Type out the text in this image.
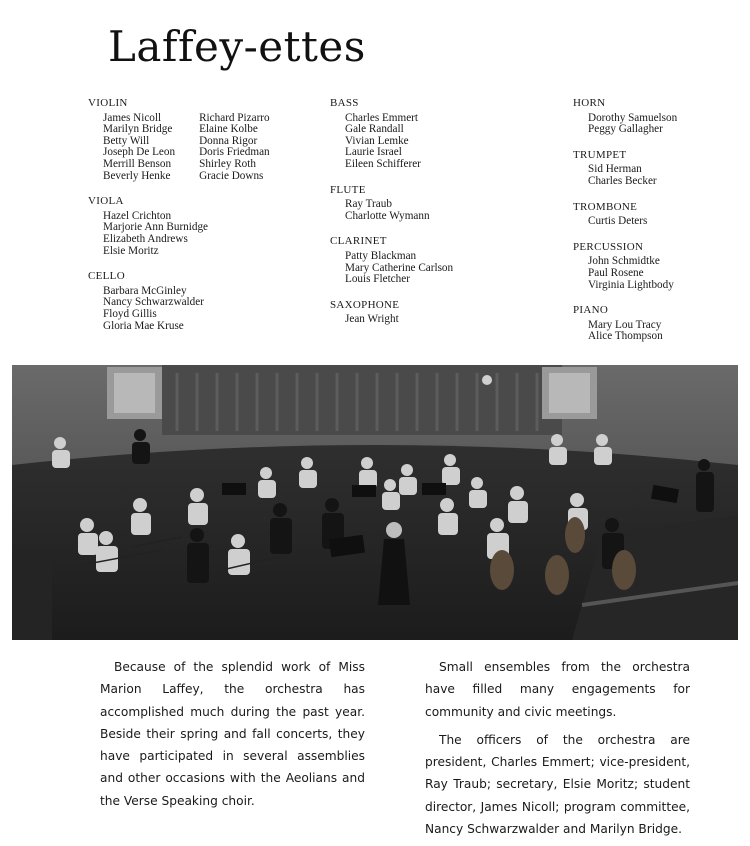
Laffey-ettes
VIOLIN
James Nicoll
Marilyn Bridge
Betty Will
Joseph De Leon
Merrill Benson
Beverly Henke
Richard Pizarro
Elaine Kolbe
Donna Rigor
Doris Friedman
Shirley Roth
Gracie Downs
VIOLA
Hazel Crichton
Marjorie Ann Burnidge
Elizabeth Andrews
Elsie Moritz
CELLO
Barbara McGinley
Nancy Schwarzwalder
Floyd Gillis
Gloria Mae Kruse
BASS
Charles Emmert
Gale Randall
Vivian Lemke
Laurie Israel
Eileen Schifferer
FLUTE
Ray Traub
Charlotte Wymann
CLARINET
Patty Blackman
Mary Catherine Carlson
Louis Fletcher
SAXOPHONE
Jean Wright
HORN
Dorothy Samuelson
Peggy Gallagher
TRUMPET
Sid Herman
Charles Becker
TROMBONE
Curtis Deters
PERCUSSION
John Schmidtke
Paul Rosene
Virginia Lightbody
PIANO
Mary Lou Tracy
Alice Thompson

Because of the splendid work of Miss Marion Laffey, the orchestra has accomplished much during the past year. Beside their spring and fall concerts, they have participated in several assemblies and other occasions with the Aeolians and the Verse Speaking choir.

Small ensembles from the orchestra have filled many engagements for community and civic meetings.

The officers of the orchestra are president, Charles Emmert; vice-president, Ray Traub; secretary, Elsie Moritz; student director, James Nicoll; program committee, Nancy Schwarzwalder and Marilyn Bridge.
